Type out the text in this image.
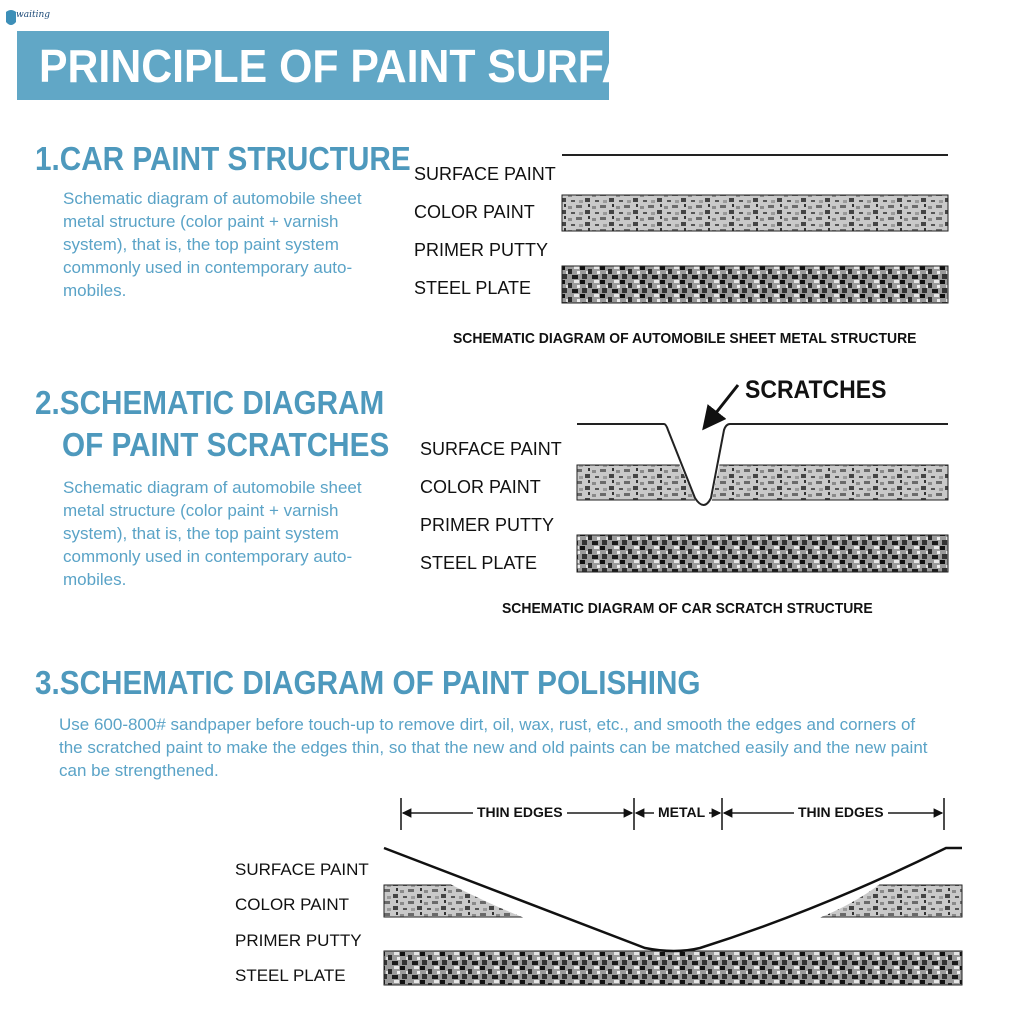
waiting
PRINCIPLE OF PAINT SURFACE
1.CAR PAINT STRUCTURE
Schematic diagram of automobile sheet metal structure (color paint + varnish system), that is, the top paint system commonly used in contemporary auto-mobiles.
SURFACE PAINT
COLOR PAINT
PRIMER PUTTY
STEEL PLATE
SCHEMATIC DIAGRAM OF AUTOMOBILE SHEET METAL STRUCTURE
2.SCHEMATIC DIAGRAM
OF PAINT SCRATCHES
Schematic diagram of automobile sheet metal structure (color paint + varnish system), that is, the top paint system commonly used in contemporary auto-mobiles.
SURFACE PAINT
COLOR PAINT
PRIMER PUTTY
STEEL PLATE
SCRATCHES
SCHEMATIC DIAGRAM OF CAR SCRATCH STRUCTURE
3.SCHEMATIC DIAGRAM OF PAINT POLISHING
Use 600-800# sandpaper before touch-up to remove dirt, oil, wax, rust, etc., and smooth the edges and corners of the scratched paint to make the edges thin, so that the new and old paints can be matched easily and the new paint can be strengthened.
SURFACE PAINT
COLOR PAINT
PRIMER PUTTY
STEEL PLATE
THIN EDGES	METAL	THIN EDGES
